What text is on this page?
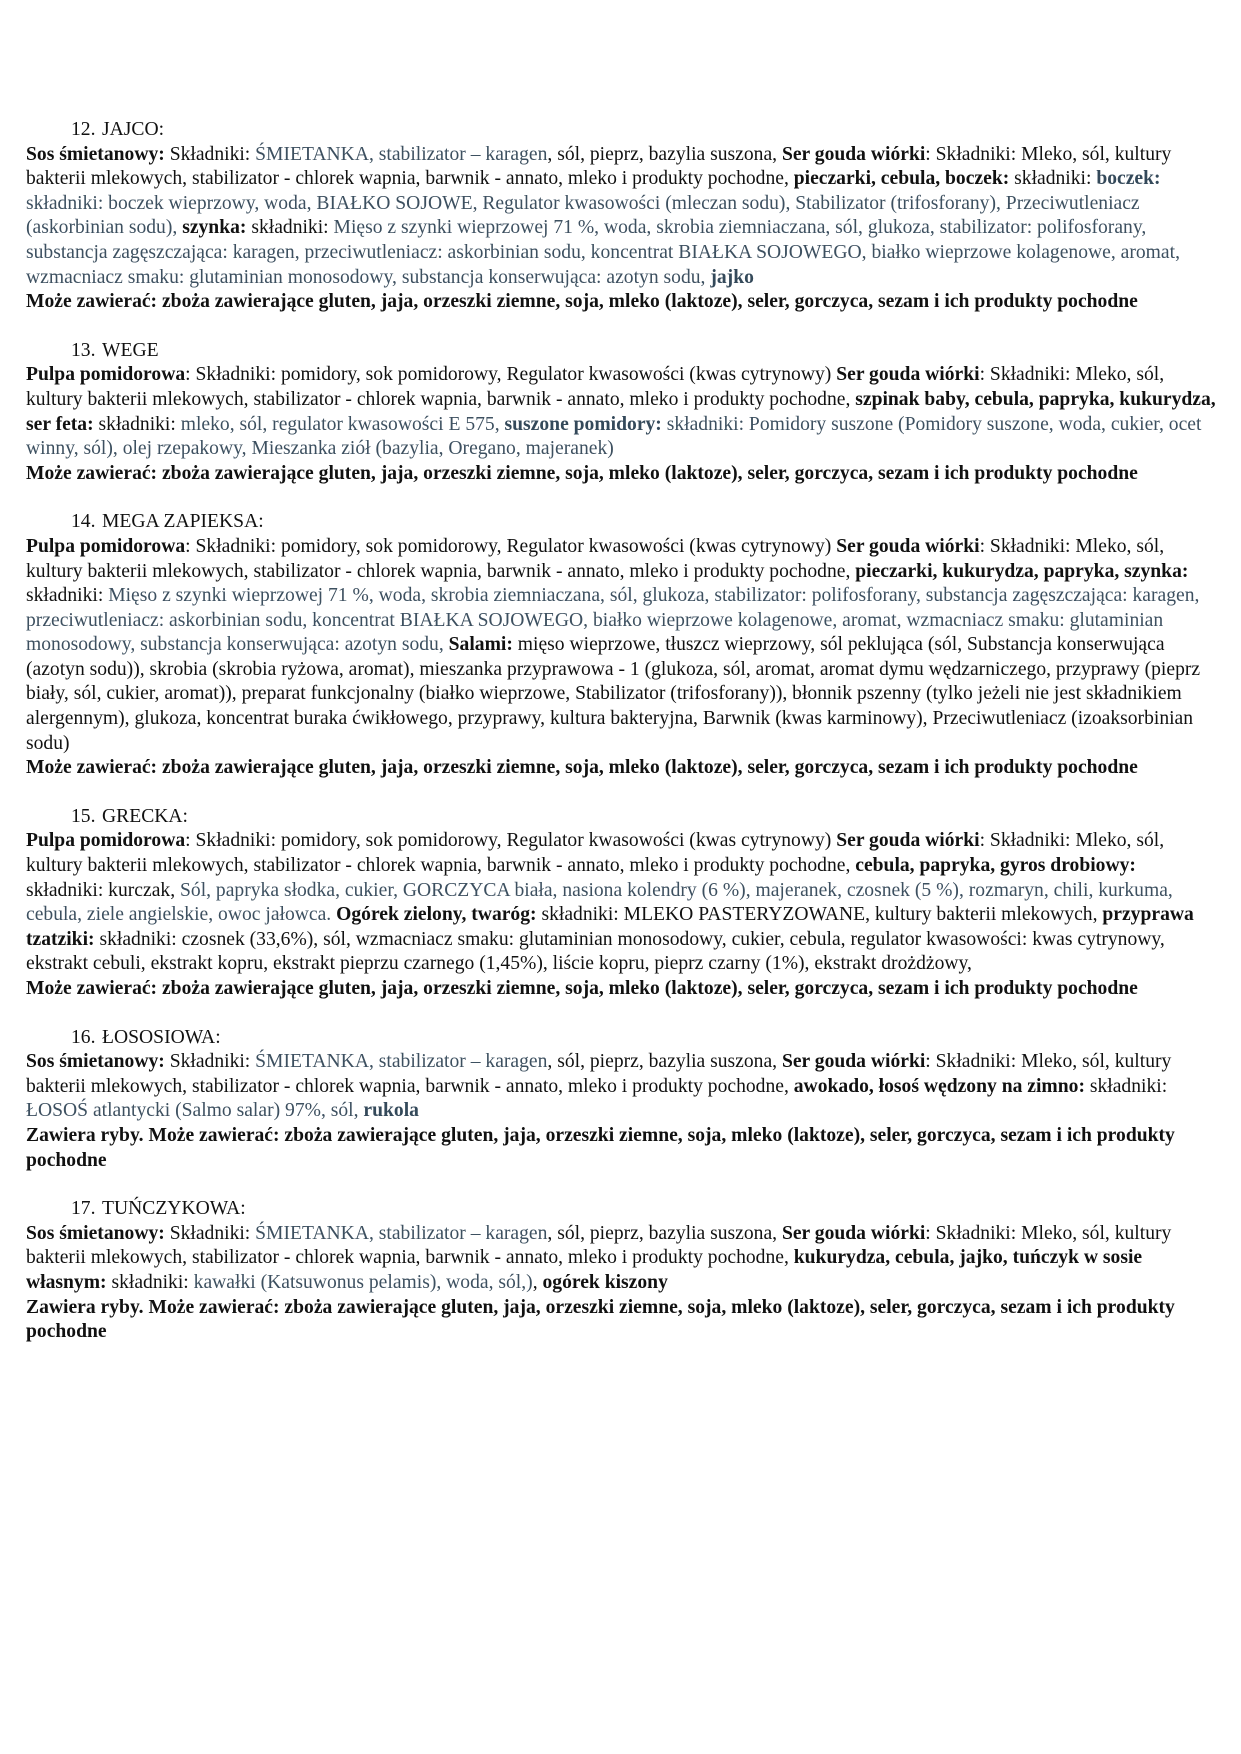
12. JAJCO:
Sos śmietanowy: Składniki: ŚMIETANKA, stabilizator – karagen, sól, pieprz, bazylia suszona, Ser gouda wiórki: Składniki: Mleko, sól, kultury bakterii mlekowych, stabilizator - chlorek wapnia, barwnik - annato, mleko i produkty pochodne, pieczarki, cebula, boczek: składniki: boczek: składniki: boczek wieprzowy, woda, BIAŁKO SOJOWE, Regulator kwasowości (mleczan sodu), Stabilizator (trifosforany), Przeciwutleniacz (askorbinian sodu), szynka: składniki: Mięso z szynki wieprzowej 71 %, woda, skrobia ziemniaczana, sól, glukoza, stabilizator: polifosforany, substancja zagęszczająca: karagen, przeciwutleniacz: askorbinian sodu, koncentrat BIAŁKA SOJOWEGO, białko wieprzowe kolagenowe, aromat, wzmacniacz smaku: glutaminian monosodowy, substancja konserwująca: azotyn sodu, jajko
Może zawierać: zboża zawierające gluten, jaja, orzeszki ziemne, soja, mleko (laktoze), seler, gorczyca, sezam i ich produkty pochodne
13. WEGE
Pulpa pomidorowa: Składniki: pomidory, sok pomidorowy, Regulator kwasowości (kwas cytrynowy) Ser gouda wiórki: Składniki: Mleko, sól, kultury bakterii mlekowych, stabilizator - chlorek wapnia, barwnik - annato, mleko i produkty pochodne, szpinak baby, cebula, papryka, kukurydza, ser feta: składniki: mleko, sól, regulator kwasowości E 575, suszone pomidory: składniki: Pomidory suszone (Pomidory suszone, woda, cukier, ocet winny, sól), olej rzepakowy, Mieszanka ziół (bazylia, Oregano, majeranek)
Może zawierać: zboża zawierające gluten, jaja, orzeszki ziemne, soja, mleko (laktoze), seler, gorczyca, sezam i ich produkty pochodne
14. MEGA ZAPIEKSA:
Pulpa pomidorowa: Składniki: pomidory, sok pomidorowy, Regulator kwasowości (kwas cytrynowy) Ser gouda wiórki: Składniki: Mleko, sól, kultury bakterii mlekowych, stabilizator - chlorek wapnia, barwnik - annato, mleko i produkty pochodne, pieczarki, kukurydza, papryka, szynka: składniki: Mięso z szynki wieprzowej 71 %, woda, skrobia ziemniaczana, sól, glukoza, stabilizator: polifosforany, substancja zagęszczająca: karagen, przeciwutleniacz: askorbinian sodu, koncentrat BIAŁKA SOJOWEGO, białko wieprzowe kolagenowe, aromat, wzmacniacz smaku: glutaminian monosodowy, substancja konserwująca: azotyn sodu, Salami: mięso wieprzowe, tłuszcz wieprzowy, sól peklująca (sól, Substancja konserwująca (azotyn sodu)), skrobia (skrobia ryżowa, aromat), mieszanka przyprawowa - 1 (glukoza, sól, aromat, aromat dymu wędzarniczego, przyprawy (pieprz biały, sól, cukier, aromat)), preparat funkcjonalny (białko wieprzowe, Stabilizator (trifosforany)), błonnik pszenny (tylko jeżeli nie jest składnikiem alergennym), glukoza, koncentrat buraka ćwikłowego, przyprawy, kultura bakteryjna, Barwnik (kwas karminowy), Przeciwutleniacz (izoaksorbinian sodu)
Może zawierać: zboża zawierające gluten, jaja, orzeszki ziemne, soja, mleko (laktoze), seler, gorczyca, sezam i ich produkty pochodne
15. GRECKA:
Pulpa pomidorowa: Składniki: pomidory, sok pomidorowy, Regulator kwasowości (kwas cytrynowy) Ser gouda wiórki: Składniki: Mleko, sól, kultury bakterii mlekowych, stabilizator - chlorek wapnia, barwnik - annato, mleko i produkty pochodne, cebula, papryka, gyros drobiowy: składniki: kurczak, Sól, papryka słodka, cukier, GORCZYCA biała, nasiona kolendry (6 %), majeranek, czosnek (5 %), rozmaryn, chili, kurkuma, cebula, ziele angielskie, owoc jałowca. Ogórek zielony, twaróg: składniki: MLEKO PASTERYZOWANE, kultury bakterii mlekowych, przyprawa tzatziki: składniki: czosnek (33,6%), sól, wzmacniacz smaku: glutaminian monosodowy, cukier, cebula, regulator kwasowości: kwas cytrynowy, ekstrakt cebuli, ekstrakt kopru, ekstrakt pieprzu czarnego (1,45%), liście kopru, pieprz czarny (1%), ekstrakt drożdżowy,
Może zawierać: zboża zawierające gluten, jaja, orzeszki ziemne, soja, mleko (laktoze), seler, gorczyca, sezam i ich produkty pochodne
16. ŁOSOSIOWA:
Sos śmietanowy: Składniki: ŚMIETANKA, stabilizator – karagen, sól, pieprz, bazylia suszona, Ser gouda wiórki: Składniki: Mleko, sól, kultury bakterii mlekowych, stabilizator - chlorek wapnia, barwnik - annato, mleko i produkty pochodne, awokado, łosoś wędzony na zimno: składniki: ŁOSOŚ atlantycki (Salmo salar) 97%, sól, rukola
Zawiera ryby. Może zawierać: zboża zawierające gluten, jaja, orzeszki ziemne, soja, mleko (laktoze), seler, gorczyca, sezam i ich produkty pochodne
17. TUŃCZYKOWA:
Sos śmietanowy: Składniki: ŚMIETANKA, stabilizator – karagen, sól, pieprz, bazylia suszona, Ser gouda wiórki: Składniki: Mleko, sól, kultury bakterii mlekowych, stabilizator - chlorek wapnia, barwnik - annato, mleko i produkty pochodne, kukurydza, cebula, jajko, tuńczyk w sosie własnym: składniki: kawałki (Katsuwonus pelamis), woda, sól,), ogórek kiszony
Zawiera ryby. Może zawierać: zboża zawierające gluten, jaja, orzeszki ziemne, soja, mleko (laktoze), seler, gorczyca, sezam i ich produkty pochodne
